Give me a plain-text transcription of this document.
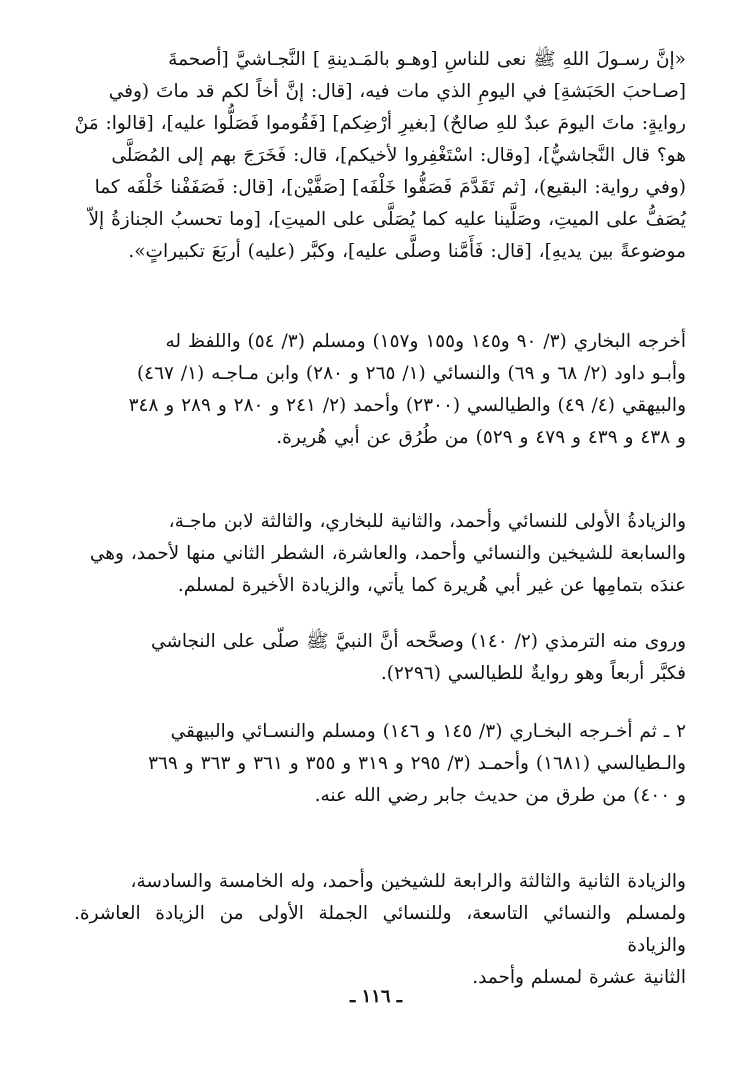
«إنَّ رسـولَ اللهِ ﷺ نعى للناسِ [وهـو بالمَـدينةِ ] النَّجـاشيَّ [أصحمةَ
[صـاحبَ الحَبَشةِ] في اليومِ الذي مات فيه، [قال: إنَّ أخاً لكم قد ماتَ (وفي
روايةٍ: ماتَ اليومَ عبدٌ للهِ صالحٌ) [بغيرِ أرْضِكم] [فَقُوموا فَصَلُّوا عليه]، [قالوا: مَنْ
هو؟ قال النَّجاشيُّ]، [وقال: اسْتَغْفِروا لأخيكم]، قال: فَخَرَجَ بهم إلى المُصَلَّى
(وفي رواية: البقيع)، [ثم تَقَدَّمَ فَصَفُّوا خَلْفَه] [صَفَّيْن]، [قال: فَصَفَفْنا خَلْفَه كما
يُصَفُّ على الميتِ، وصَلَّينا عليه كما يُصَلَّى على الميتِ]، [وما تحسبُ الجنازةُ إلاّ
موضوعةً بين يديهِ]، [قال: فَأَمَّنا وصلَّى عليه]، وكبَّر (عليه) أربَعَ تكبيراتٍ».
أخرجه البخاري (٣/ ٩٠ و١٤٥ و١٥٥ و١٥٧) ومسلم (٣/ ٥٤) واللفظ له
وأبـو داود (٢/ ٦٨ و ٦٩) والنسائي (١/ ٢٦٥ و ٢٨٠) وابن مـاجـه (١/ ٤٦٧)
والبيهقي (٤/ ٤٩) والطيالسي (٢٣٠٠) وأحمد (٢/ ٢٤١ و ٢٨٠ و ٢٨٩ و ٣٤٨
و ٤٣٨ و ٤٣٩ و ٤٧٩ و ٥٢٩) من طُرُق عن أبي هُريرة.
والزيادةُ الأولى للنسائي وأحمد، والثانية للبخاري، والثالثة لابن ماجـة،
والسابعة للشيخين والنسائي وأحمد، والعاشرة، الشطر الثاني منها لأحمد، وهي
عندَه بتمامِها عن غير أبي هُريرة كما يأتي، والزيادة الأخيرة لمسلم.
وروى منه الترمذي (٢/ ١٤٠) وصحَّحه أنَّ النبيَّ ﷺ صلّى على النجاشي
فكبَّر أربعاً وهو روايةٌ للطيالسي (٢٢٩٦).
٢ ـ ثم أخـرجه البخـاري (٣/ ١٤٥ و ١٤٦) ومسلم والنسـائي والبيهقي
والـطيالسي (١٦٨١) وأحمـد (٣/ ٢٩٥ و ٣١٩ و ٣٥٥ و ٣٦١ و ٣٦٣ و ٣٦٩
و ٤٠٠) من طرق من حديث جابر رضي الله عنه.
والزيادة الثانية والثالثة والرابعة للشيخين وأحمد، وله الخامسة والسادسة،
ولمسلم والنسائي التاسعة، وللنسائي الجملة الأولى من الزيادة العاشرة. والزيادة
الثانية عشرة لمسلم وأحمد.
ـ ١١٦ ـ
